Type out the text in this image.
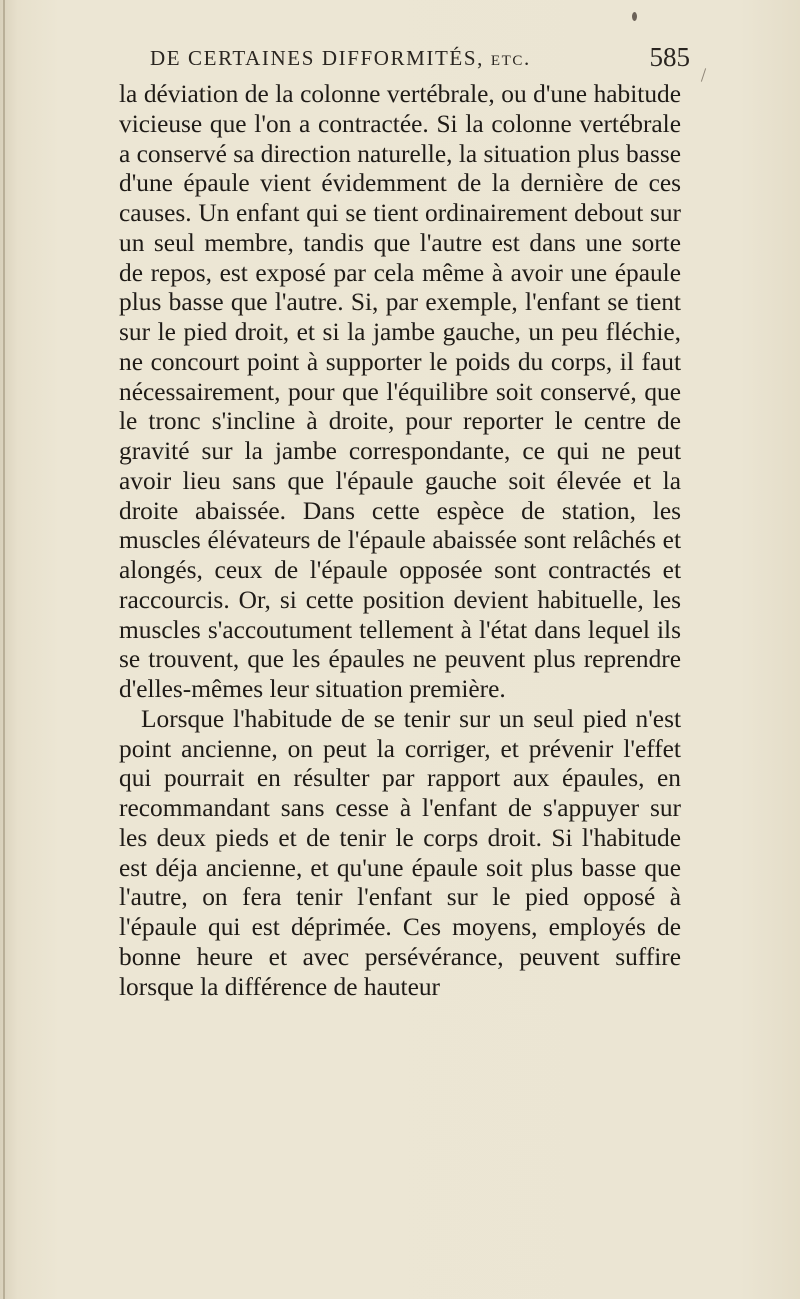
DE CERTAINES DIFFORMITÉS, etc.	585

la déviation de la colonne vertébrale, ou d'une habitude vicieuse que l'on a contractée. Si la colonne vertébrale a conservé sa direction naturelle, la situation plus basse d'une épaule vient évidemment de la dernière de ces causes. Un enfant qui se tient ordinairement debout sur un seul membre, tandis que l'autre est dans une sorte de repos, est exposé par cela même à avoir une épaule plus basse que l'autre. Si, par exemple, l'enfant se tient sur le pied droit, et si la jambe gauche, un peu fléchie, ne concourt point à supporter le poids du corps, il faut nécessairement, pour que l'équilibre soit conservé, que le tronc s'incline à droite, pour reporter le centre de gravité sur la jambe correspondante, ce qui ne peut avoir lieu sans que l'épaule gauche soit élevée et la droite abaissée. Dans cette espèce de station, les muscles élévateurs de l'épaule abaissée sont relâchés et alongés, ceux de l'épaule opposée sont contractés et raccourcis. Or, si cette position devient habituelle, les muscles s'accoutument tellement à l'état dans lequel ils se trouvent, que les épaules ne peuvent plus reprendre d'elles-mêmes leur situation première.

Lorsque l'habitude de se tenir sur un seul pied n'est point ancienne, on peut la corriger, et prévenir l'effet qui pourrait en résulter par rapport aux épaules, en recommandant sans cesse à l'enfant de s'appuyer sur les deux pieds et de tenir le corps droit. Si l'habitude est déja ancienne, et qu'une épaule soit plus basse que l'autre, on fera tenir l'enfant sur le pied opposé à l'épaule qui est déprimée. Ces moyens, employés de bonne heure et avec persévérance, peuvent suffire lorsque la différence de hauteur
